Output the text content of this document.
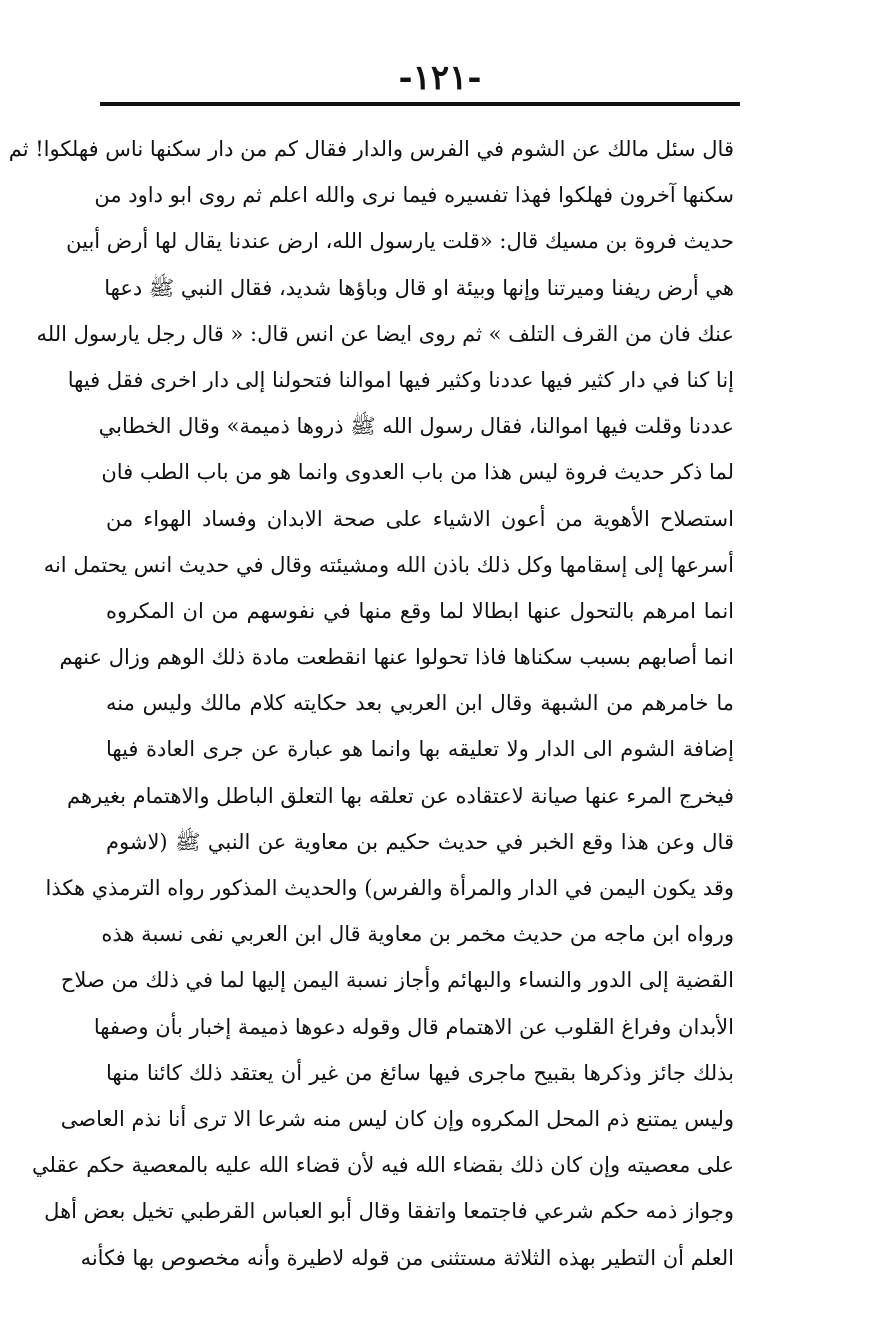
-١٢١-
قال سئل مالك عن الشوم في الفرس والدار فقال كم من دار سكنها ناس فهلكوا! ثم
سكنها آخرون فهلكوا فهذا تفسيره فيما نرى والله اعلم ثم روى ابو داود من
حديث فروة بن مسيك قال: «قلت يارسول الله، ارض عندنا يقال لها أرض أبين
هي أرض ريفنا وميرتنا وإنها وبيئة او قال وباؤها شديد، فقال النبي ﷺ دعها
عنك فان من القرف التلف » ثم روى ايضا عن انس قال: « قال رجل يارسول الله
إنا كنا في دار كثير فيها عددنا وكثير فيها اموالنا فتحولنا إلى دار اخرى فقل فيها
عددنا وقلت فيها اموالنا، فقال رسول الله ﷺ ذروها ذميمة» وقال الخطابي
لما ذكر حديث فروة ليس هذا من باب العدوى وانما هو من باب الطب فان
استصلاح الأهوية من أعون الاشياء على صحة الابدان وفساد الهواء من
أسرعها إلى إسقامها وكل ذلك باذن الله ومشيئته وقال في حديث انس يحتمل انه
انما امرهم بالتحول عنها ابطالا لما وقع منها في نفوسهم من ان المكروه
انما أصابهم بسبب سكناها فاذا تحولوا عنها انقطعت مادة ذلك الوهم وزال عنهم
ما خامرهم من الشبهة وقال ابن العربي بعد حكايته كلام مالك وليس منه
إضافة الشوم الى الدار ولا تعليقه بها وانما هو عبارة عن جرى العادة فيها
فيخرج المرء عنها صيانة لاعتقاده عن تعلقه بها التعلق الباطل والاهتمام بغيرهم
قال وعن هذا وقع الخبر في حديث حكيم بن معاوية عن النبي ﷺ (لاشوم
وقد يكون اليمن في الدار والمرأة والفرس) والحديث المذكور رواه الترمذي هكذا
ورواه ابن ماجه من حديث مخمر بن معاوية قال ابن العربي نفى نسبة هذه
القضية إلى الدور والنساء والبهائم وأجاز نسبة اليمن إليها لما في ذلك من صلاح
الأبدان وفراغ القلوب عن الاهتمام قال وقوله دعوها ذميمة إخبار بأن وصفها
بذلك جائز وذكرها بقبيح ماجرى فيها سائغ من غير أن يعتقد ذلك كائنا منها
وليس يمتنع ذم المحل المكروه وإن كان ليس منه شرعا الا ترى أنا نذم العاصى
على معصيته وإن كان ذلك بقضاء الله فيه لأن قضاء الله عليه بالمعصية حكم عقلي
وجواز ذمه حكم شرعي فاجتمعا واتفقا وقال أبو العباس القرطبي تخيل بعض أهل
العلم أن التطير بهذه الثلاثة مستثنى من قوله لاطيرة وأنه مخصوص بها فكأنه
